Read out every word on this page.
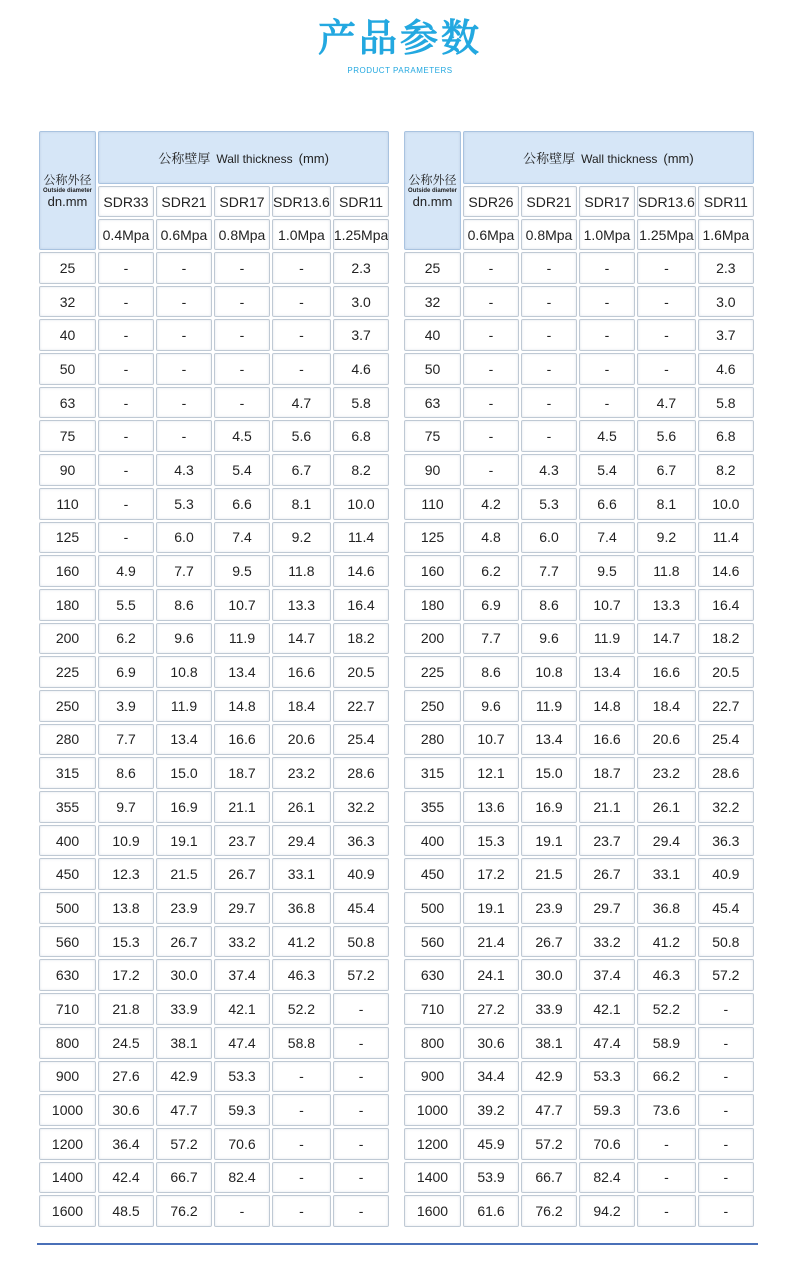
产品参数
PRODUCT PARAMETERS
公称外径
Outside diameter
dn.mm	公称壁厚 Wall thickness (mm)				
	SDR33	SDR21	SDR17	SDR13.6	SDR11
	0.4Mpa	0.6Mpa	0.8Mpa	1.0Mpa	1.25Mpa
25	-	-	-	-	2.3
32	-	-	-	-	3.0
40	-	-	-	-	3.7
50	-	-	-	-	4.6
63	-	-	-	4.7	5.8
75	-	-	4.5	5.6	6.8
90	-	4.3	5.4	6.7	8.2
110	-	5.3	6.6	8.1	10.0
125	-	6.0	7.4	9.2	11.4
160	4.9	7.7	9.5	11.8	14.6
180	5.5	8.6	10.7	13.3	16.4
200	6.2	9.6	11.9	14.7	18.2
225	6.9	10.8	13.4	16.6	20.5
250	3.9	11.9	14.8	18.4	22.7
280	7.7	13.4	16.6	20.6	25.4
315	8.6	15.0	18.7	23.2	28.6
355	9.7	16.9	21.1	26.1	32.2
400	10.9	19.1	23.7	29.4	36.3
450	12.3	21.5	26.7	33.1	40.9
500	13.8	23.9	29.7	36.8	45.4
560	15.3	26.7	33.2	41.2	50.8
630	17.2	30.0	37.4	46.3	57.2
710	21.8	33.9	42.1	52.2	-
800	24.5	38.1	47.4	58.8	-
900	27.6	42.9	53.3	-	-
1000	30.6	47.7	59.3	-	-
1200	36.4	57.2	70.6	-	-
1400	42.4	66.7	82.4	-	-
1600	48.5	76.2	-	-	-
公称外径
Outside diameter
dn.mm	公称壁厚 Wall thickness (mm)				
	SDR26	SDR21	SDR17	SDR13.6	SDR11
	0.6Mpa	0.8Mpa	1.0Mpa	1.25Mpa	1.6Mpa
25	-	-	-	-	2.3
32	-	-	-	-	3.0
40	-	-	-	-	3.7
50	-	-	-	-	4.6
63	-	-	-	4.7	5.8
75	-	-	4.5	5.6	6.8
90	-	4.3	5.4	6.7	8.2
110	4.2	5.3	6.6	8.1	10.0
125	4.8	6.0	7.4	9.2	11.4
160	6.2	7.7	9.5	11.8	14.6
180	6.9	8.6	10.7	13.3	16.4
200	7.7	9.6	11.9	14.7	18.2
225	8.6	10.8	13.4	16.6	20.5
250	9.6	11.9	14.8	18.4	22.7
280	10.7	13.4	16.6	20.6	25.4
315	12.1	15.0	18.7	23.2	28.6
355	13.6	16.9	21.1	26.1	32.2
400	15.3	19.1	23.7	29.4	36.3
450	17.2	21.5	26.7	33.1	40.9
500	19.1	23.9	29.7	36.8	45.4
560	21.4	26.7	33.2	41.2	50.8
630	24.1	30.0	37.4	46.3	57.2
710	27.2	33.9	42.1	52.2	-
800	30.6	38.1	47.4	58.9	-
900	34.4	42.9	53.3	66.2	-
1000	39.2	47.7	59.3	73.6	-
1200	45.9	57.2	70.6	-	-
1400	53.9	66.7	82.4	-	-
1600	61.6	76.2	94.2	-	-
